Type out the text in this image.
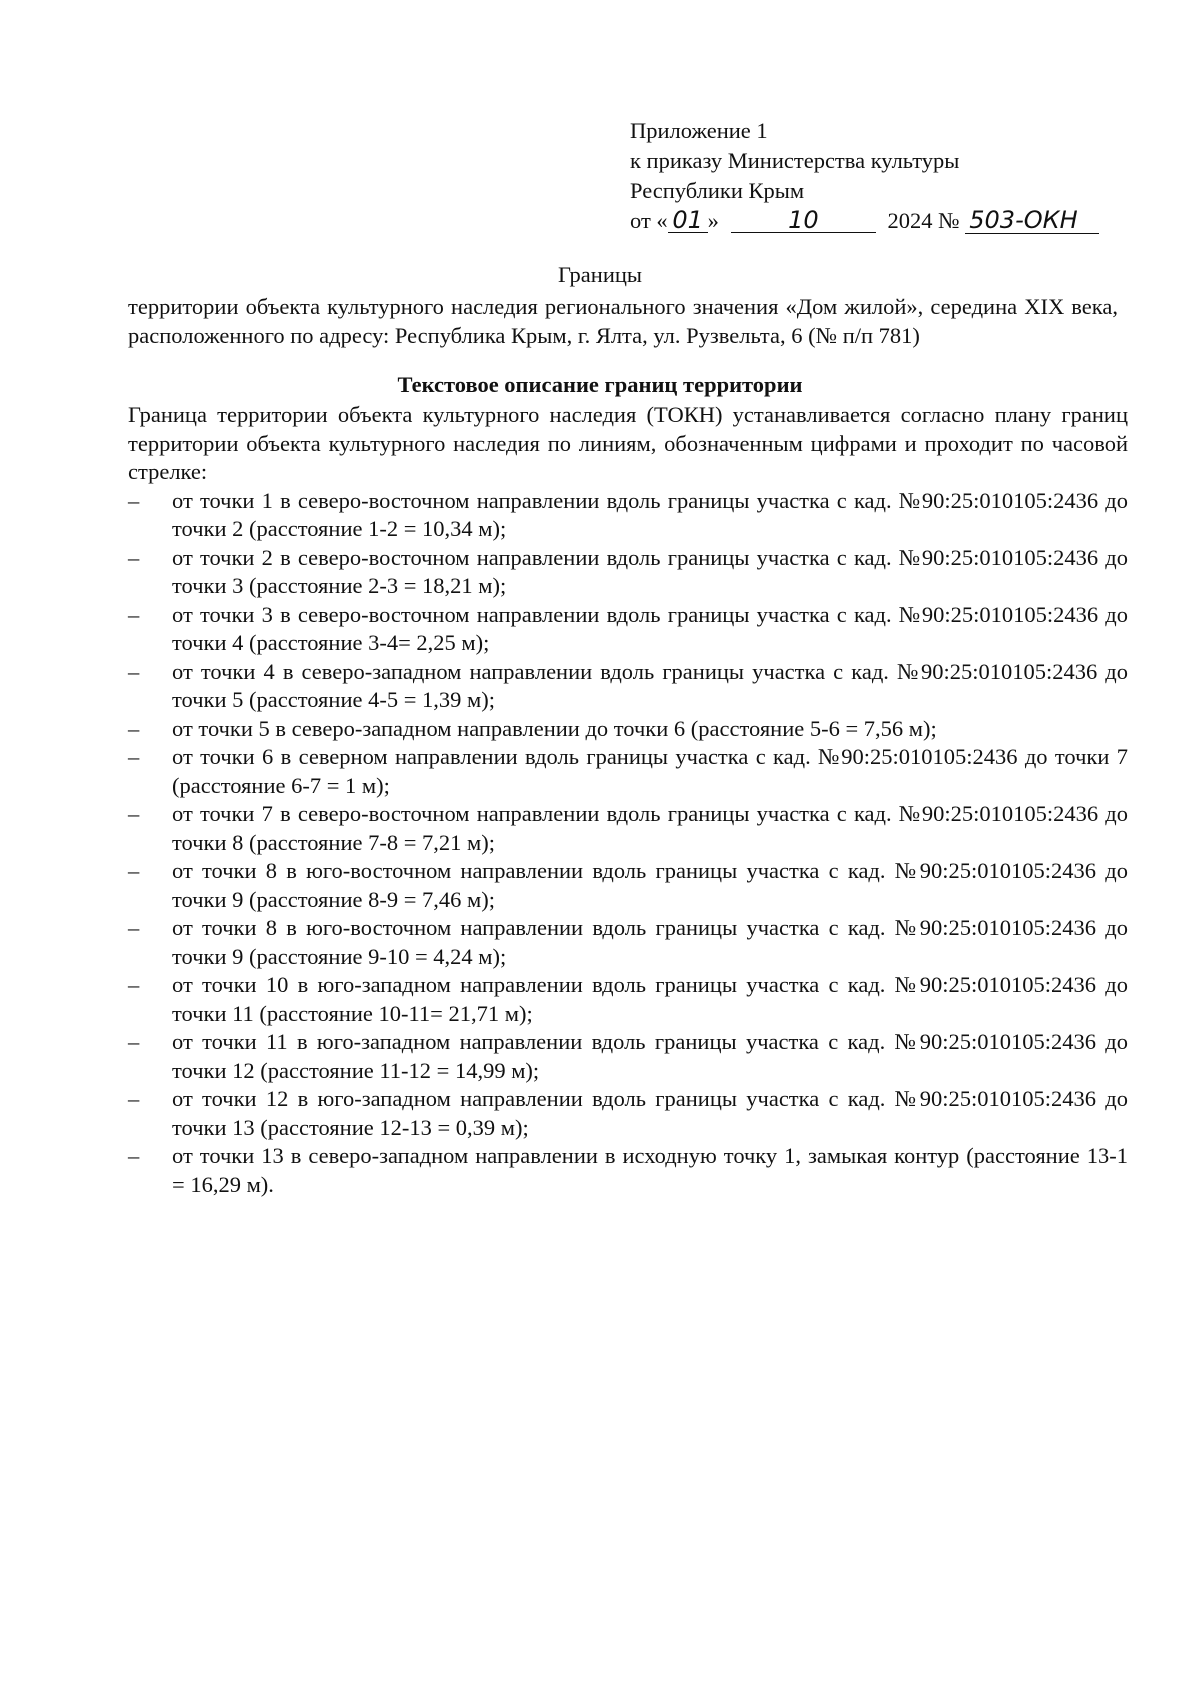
Приложение 1
к приказу Министерства культуры
Республики Крым
от « 01 »	10	2024 № 503-ОКН
Границы
территории объекта культурного наследия регионального значения «Дом жилой», середина XIX века, расположенного по адресу: Республика Крым, г. Ялта, ул. Рузвельта, 6 (№ п/п 781)
Текстовое описание границ территории

Граница территории объекта культурного наследия (ТОКН) устанавливается согласно плану границ территории объекта культурного наследия по линиям, обозначенным цифрами и проходит по часовой стрелке:

– от точки 1 в северо-восточном направлении вдоль границы участка с кад. №90:25:010105:2436 до точки 2 (расстояние 1-2 = 10,34 м);
– от точки 2 в северо-восточном направлении вдоль границы участка с кад. №90:25:010105:2436 до точки 3 (расстояние 2-3 = 18,21 м);
– от точки 3 в северо-восточном направлении вдоль границы участка с кад. №90:25:010105:2436 до точки 4 (расстояние 3-4= 2,25 м);
– от точки 4 в северо-западном направлении вдоль границы участка с кад. №90:25:010105:2436 до точки 5 (расстояние 4-5 = 1,39 м);
– от точки 5 в северо-западном направлении до точки 6 (расстояние 5-6 = 7,56 м);
– от точки 6 в северном направлении вдоль границы участка с кад. №90:25:010105:2436 до точки 7 (расстояние 6-7 = 1 м);
– от точки 7 в северо-восточном направлении вдоль границы участка с кад. №90:25:010105:2436 до точки 8 (расстояние 7-8 = 7,21 м);
– от точки 8 в юго-восточном направлении вдоль границы участка с кад. №90:25:010105:2436 до точки 9 (расстояние 8-9 = 7,46 м);
– от точки 8 в юго-восточном направлении вдоль границы участка с кад. №90:25:010105:2436 до точки 9 (расстояние 9-10 = 4,24 м);
– от точки 10 в юго-западном направлении вдоль границы участка с кад. №90:25:010105:2436 до точки 11 (расстояние 10-11= 21,71 м);
– от точки 11 в юго-западном направлении вдоль границы участка с кад. №90:25:010105:2436 до точки 12 (расстояние 11-12 = 14,99 м);
– от точки 12 в юго-западном направлении вдоль границы участка с кад. №90:25:010105:2436 до точки 13 (расстояние 12-13 = 0,39 м);
– от точки 13 в северо-западном направлении в исходную точку 1, замыкая контур (расстояние 13-1 = 16,29 м).
